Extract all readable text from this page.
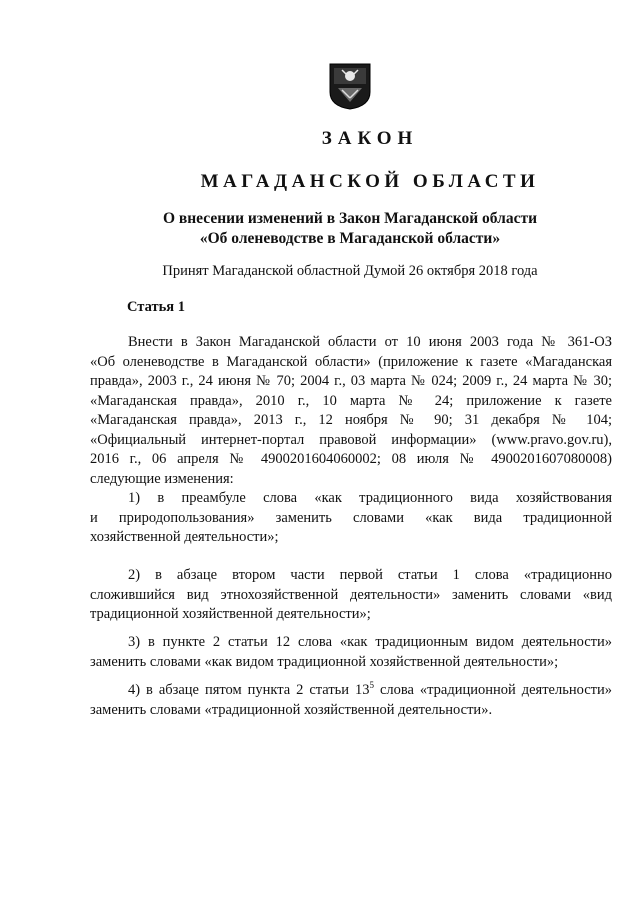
ЗАКОН
МАГАДАНСКОЙ ОБЛАСТИ

О внесении изменений в Закон Магаданской области
«Об оленеводстве в Магаданской области»

Принят Магаданской областной Думой 26 октября 2018 года

Статья 1

Внести в Закон Магаданской области от 10 июня 2003 года № 361-ОЗ
«Об оленеводстве в Магаданской области» (приложение к газете «Магаданская
правда», 2003 г., 24 июня № 70; 2004 г., 03 марта № 024; 2009 г., 24 марта № 30;
«Магаданская правда», 2010 г., 10 марта № 24; приложение к газете
«Магаданская правда», 2013 г., 12 ноября № 90; 31 декабря № 104;
«Официальный интернет-портал правовой информации» (www.pravo.gov.ru),
2016 г., 06 апреля № 4900201604060002; 08 июля № 4900201607080008)
следующие изменения:

1) в преамбуле слова «как традиционного вида хозяйствования
и природопользования» заменить словами «как вида традиционной
хозяйственной деятельности»;

2) в абзаце втором части первой статьи 1 слова «традиционно
сложившийся вид этнохозяйственной деятельности» заменить словами «вид
традиционной хозяйственной деятельности»;

3) в пункте 2 статьи 12 слова «как традиционным видом деятельности»
заменить словами «как видом традиционной хозяйственной деятельности»;

4) в абзаце пятом пункта 2 статьи $13^5$ слова «традиционной деятельности»
заменить словами «традиционной хозяйственной деятельности».
